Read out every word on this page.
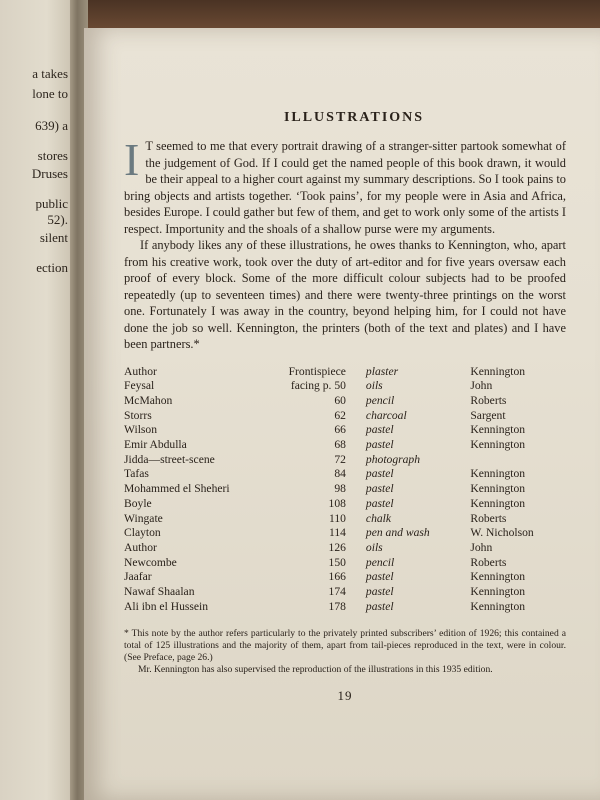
a takes
lone to
639) a
stores
Druses
public
52).
silent
ection
ILLUSTRATIONS

I T seemed to me that every portrait drawing of a stranger-sitter partook somewhat of the judgement of God. If I could get the named people of this book drawn, it would be their appeal to a higher court against my summary descriptions. So I took pains to bring objects and artists together. ‘Took pains’, for my people were in Asia and Africa, besides Europe. I could gather but few of them, and get to work only some of the artists I respect. Importunity and the shoals of a shallow purse were my arguments.

If anybody likes any of these illustrations, he owes thanks to Kennington, who, apart from his creative work, took over the duty of art-editor and for five years oversaw each proof of every block. Some of the more difficult colour subjects had to be proofed repeatedly (up to seventeen times) and there were twenty-three printings on the worst one. Fortunately I was away in the country, beyond helping him, for I could not have done the job so well. Kennington, the printers (both of the text and plates) and I have been partners.*

Author	Frontispiece	plaster	Kennington
Feysal	facing p. 50	oils	John
McMahon	60	pencil	Roberts
Storrs	62	charcoal	Sargent
Wilson	66	pastel	Kennington
Emir Abdulla	68	pastel	Kennington
Jidda—street-scene	72	photograph	
Tafas	84	pastel	Kennington
Mohammed el Sheheri	98	pastel	Kennington
Boyle	108	pastel	Kennington
Wingate	110	chalk	Roberts
Clayton	114	pen and wash	W. Nicholson
Author	126	oils	John
Newcombe	150	pencil	Roberts
Jaafar	166	pastel	Kennington
Nawaf Shaalan	174	pastel	Kennington
Ali ibn el Hussein	178	pastel	Kennington

* This note by the author refers particularly to the privately printed subscribers’ edition of 1926; this contained a total of 125 illustrations and the majority of them, apart from tail-pieces reproduced in the text, were in colour. (See Preface, page 26.)

Mr. Kennington has also supervised the reproduction of the illustrations in this 1935 edition.

19
